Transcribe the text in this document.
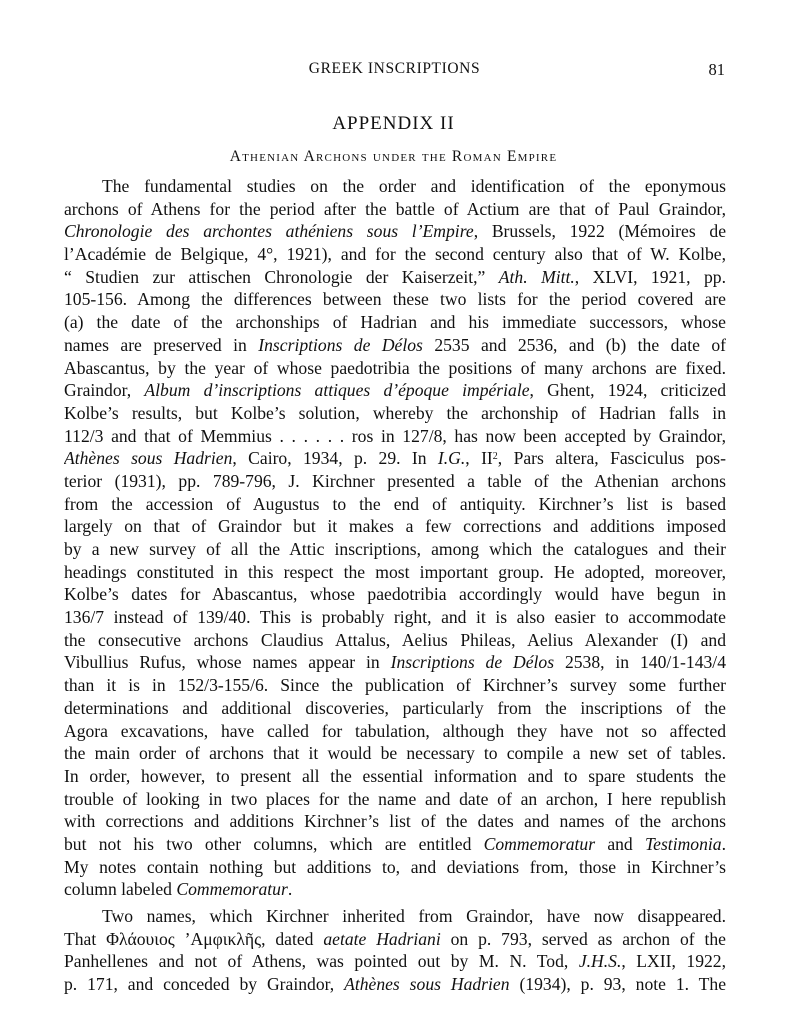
GREEK INSCRIPTIONS	81
APPENDIX II
Athenian Archons under the Roman Empire
The fundamental studies on the order and identification of the eponymous
archons of Athens for the period after the battle of Actium are that of Paul Graindor,
Chronologie des archontes athéniens sous l’Empire, Brussels, 1922 (Mémoires de
l’Académie de Belgique, 4°, 1921), and for the second century also that of W. Kolbe,
“ Studien zur attischen Chronologie der Kaiserzeit,” Ath. Mitt., XLVI, 1921, pp.
105-156. Among the differences between these two lists for the period covered are
(a) the date of the archonships of Hadrian and his immediate successors, whose
names are preserved in Inscriptions de Délos 2535 and 2536, and (b) the date of
Abascantus, by the year of whose paedotribia the positions of many archons are fixed.
Graindor, Album d’inscriptions attiques d’époque impériale, Ghent, 1924, criticized
Kolbe’s results, but Kolbe’s solution, whereby the archonship of Hadrian falls in
112/3 and that of Memmius . . . . . . ros in 127/8, has now been accepted by Graindor,
Athènes sous Hadrien, Cairo, 1934, p. 29. In I.G., $II^2$, Pars altera, Fasciculus pos-
terior (1931), pp. 789-796, J. Kirchner presented a table of the Athenian archons
from the accession of Augustus to the end of antiquity. Kirchner’s list is based
largely on that of Graindor but it makes a few corrections and additions imposed
by a new survey of all the Attic inscriptions, among which the catalogues and their
headings constituted in this respect the most important group. He adopted, moreover,
Kolbe’s dates for Abascantus, whose paedotribia accordingly would have begun in
136/7 instead of 139/40. This is probably right, and it is also easier to accommodate
the consecutive archons Claudius Attalus, Aelius Phileas, Aelius Alexander (I) and
Vibullius Rufus, whose names appear in Inscriptions de Délos 2538, in 140/1-143/4
than it is in 152/3-155/6. Since the publication of Kirchner’s survey some further
determinations and additional discoveries, particularly from the inscriptions of the
Agora excavations, have called for tabulation, although they have not so affected
the main order of archons that it would be necessary to compile a new set of tables.
In order, however, to present all the essential information and to spare students the
trouble of looking in two places for the name and date of an archon, I here republish
with corrections and additions Kirchner’s list of the dates and names of the archons
but not his two other columns, which are entitled Commemoratur and Testimonia.
My notes contain nothing but additions to, and deviations from, those in Kirchner’s
column labeled Commemoratur.
Two names, which Kirchner inherited from Graindor, have now disappeared.
That Φλάουιος ’Αμφικλῆς, dated aetate Hadriani on p. 793, served as archon of the
Panhellenes and not of Athens, was pointed out by M. N. Tod, J.H.S., LXII, 1922,
p. 171, and conceded by Graindor, Athènes sous Hadrien (1934), p. 93, note 1. The
